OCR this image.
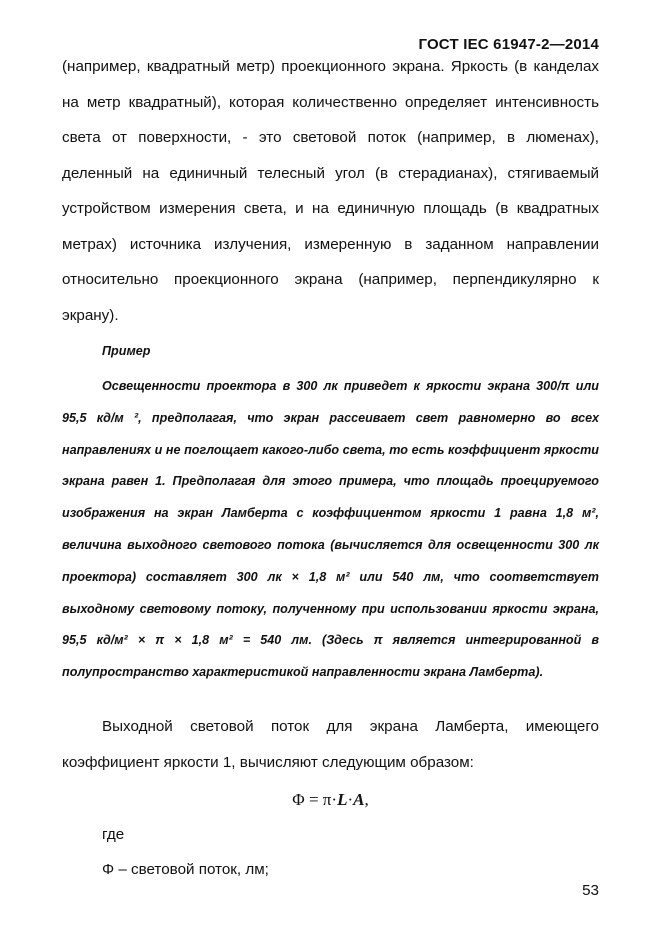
ГОСТ IEC 61947-2—2014
(например, квадратный метр) проекционного экрана. Яркость (в канделах на метр квадратный), которая количественно определяет интенсивность света от поверхности, - это световой поток (например, в люменах), деленный на единичный телесный угол (в стерадианах), стягиваемый устройством измерения света, и на единичную площадь (в квадратных метрах) источника излучения, измеренную в заданном направлении относительно проекционного экрана (например, перпендикулярно к экрану).
Пример
Освещенности проектора в 300 лк приведет к яркости экрана 300/π или 95,5 кд/м ², предполагая, что экран рассеивает свет равномерно во всех направлениях и не поглощает какого-либо света, то есть коэффициент яркости экрана равен 1. Предполагая для этого примера, что площадь проецируемого изображения на экран Ламберта с коэффициентом яркости 1 равна 1,8 м², величина выходного светового потока (вычисляется для освещенности 300 лк проектора) составляет 300 лк × 1,8 м² или 540 лм, что соответствует выходному световому потоку, полученному при использовании яркости экрана, 95,5 кд/м² × π × 1,8 м² = 540 лм. (Здесь π является интегрированной в полупространство характеристикой направленности экрана Ламберта).
Выходной световой поток для экрана Ламберта, имеющего коэффициент яркости 1, вычисляют следующим образом:
Φ = π·L·A,
где
Φ – световой поток, лм;
53
